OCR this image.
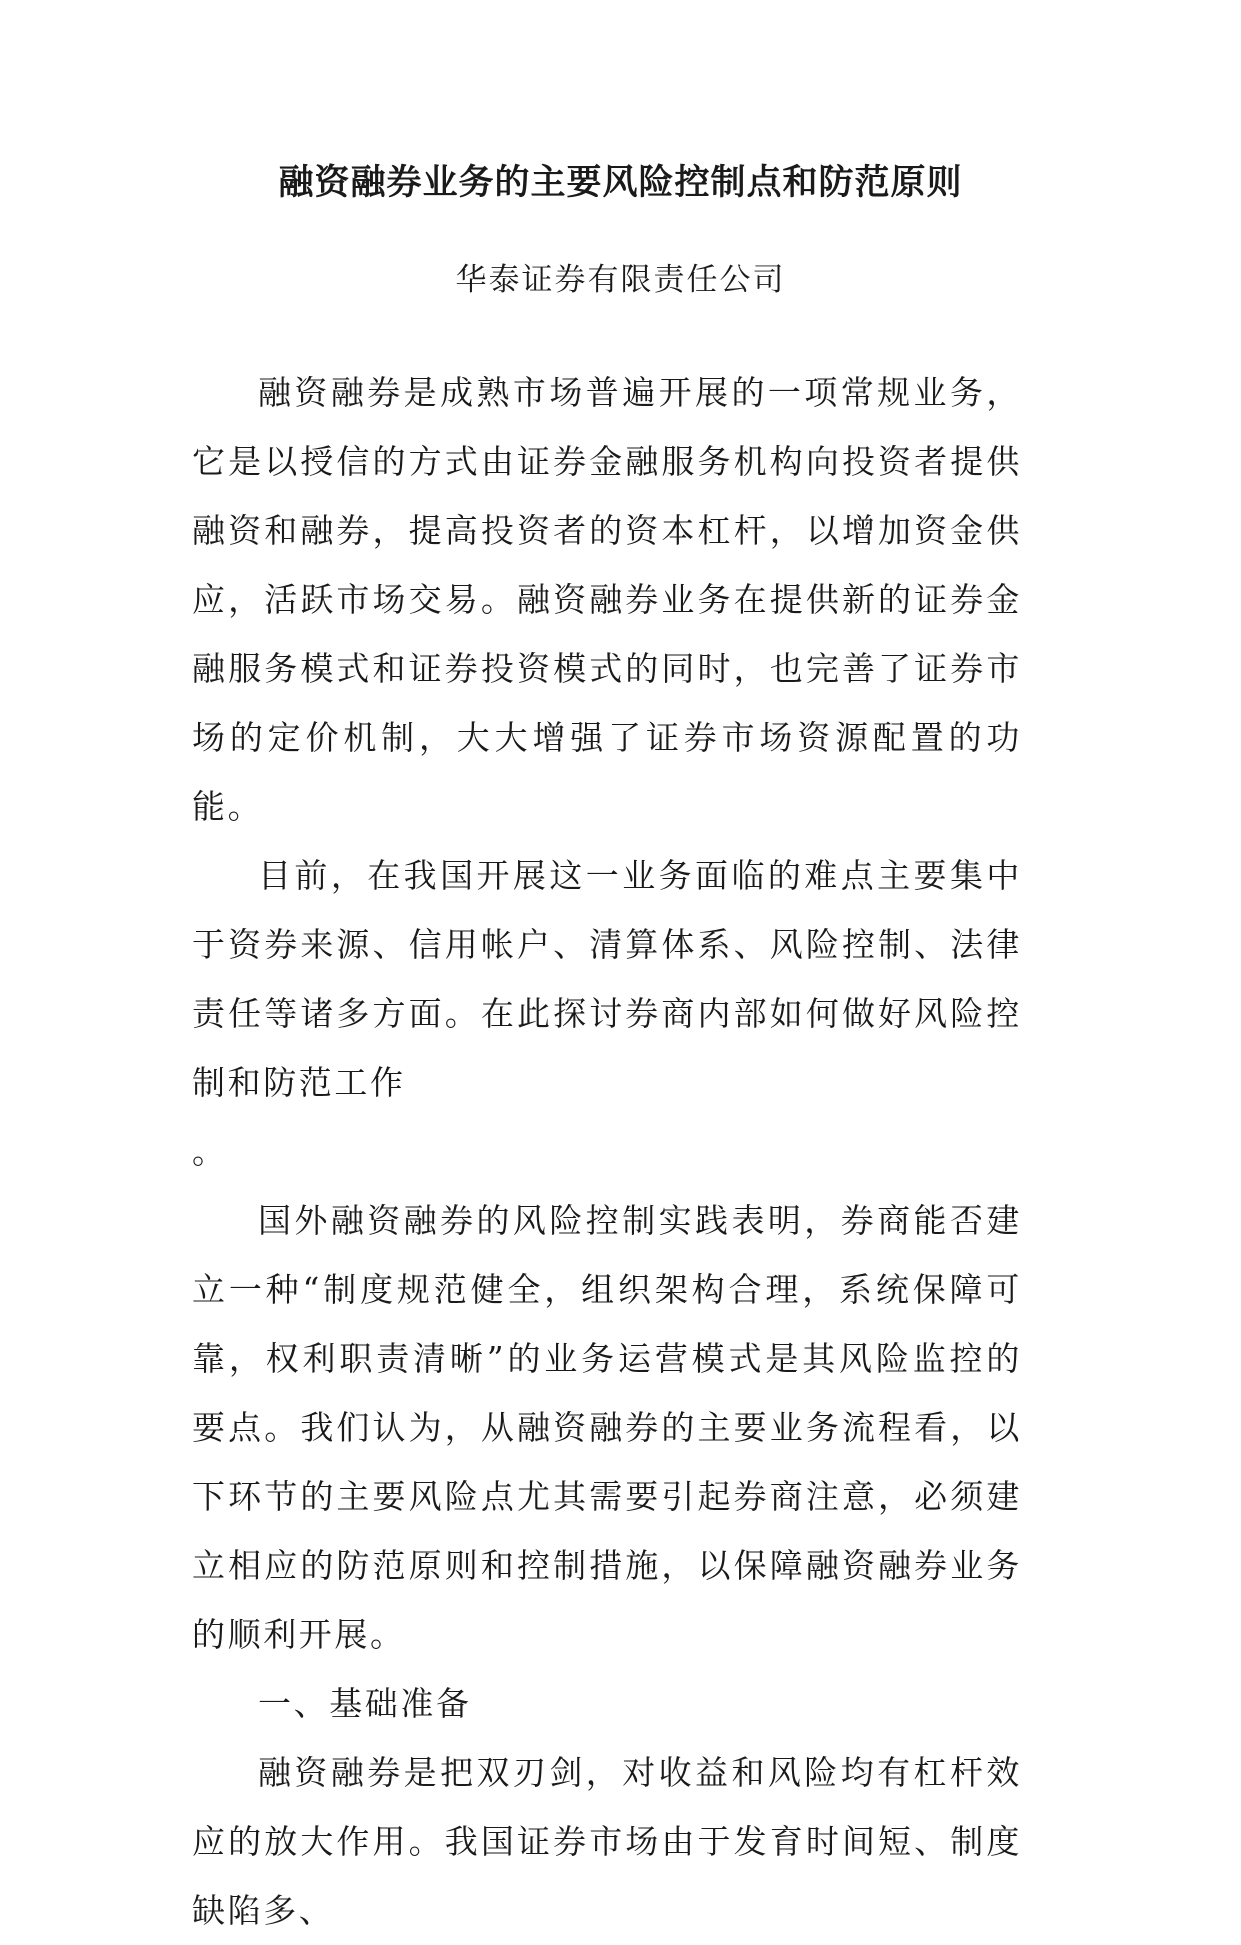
融资融券业务的主要风险控制点和防范原则
华泰证券有限责任公司

融资融券是成熟市场普遍开展的一项常规业务，它是以授信的方式由证券金融服务机构向投资者提供融资和融券，提高投资者的资本杠杆，以增加资金供应，活跃市场交易。融资融券业务在提供新的证券金融服务模式和证券投资模式的同时，也完善了证券市场的定价机制，大大增强了证券市场资源配置的功能。

目前，在我国开展这一业务面临的难点主要集中于资券来源、信用帐户、清算体系、风险控制、法律责任等诸多方面。在此探讨券商内部如何做好风险控制和防范工作

。

国外融资融券的风险控制实践表明，券商能否建立一种“制度规范健全，组织架构合理，系统保障可靠，权利职责清晰”的业务运营模式是其风险监控的要点。我们认为，从融资融券的主要业务流程看，以下环节的主要风险点尤其需要引起券商注意，必须建立相应的防范原则和控制措施，以保障融资融券业务的顺利开展。

一、基础准备

融资融券是把双刃剑，对收益和风险均有杠杆效应的放大作用。我国证券市场由于发育时间短、制度缺陷多、
